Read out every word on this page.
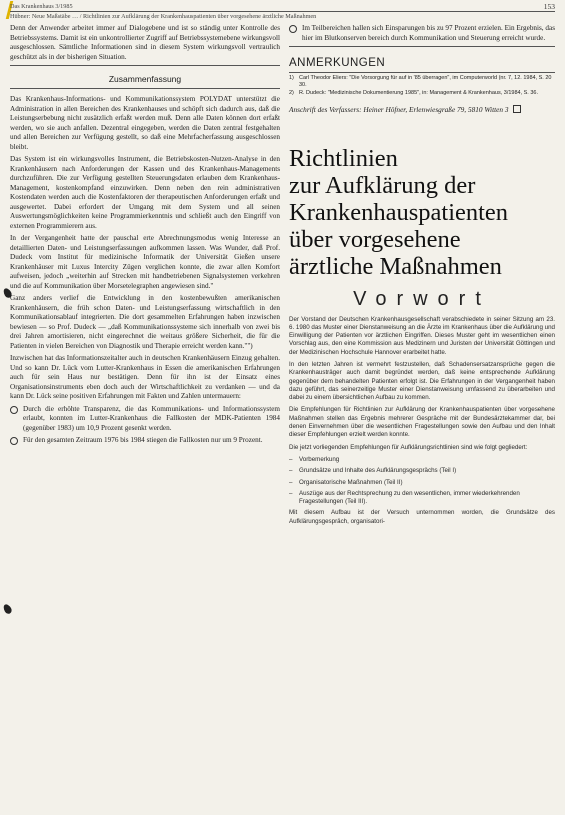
Das Krankenhaus 3/1985	153
Hübner: Neue Maßstäbe … / Richtlinien zur Aufklärung der Krankenhauspatienten über vorgesehene ärztliche Maßnahmen

Denn der Anwender arbeitet immer auf Dialogebene und ist so ständig unter Kontrolle des Betriebssystems. Damit ist ein unkontrollierter Zugriff auf Betriebssystemebene wirkungsvoll ausgeschlossen. Sämtliche Informationen sind in diesem System wirkungsvoll vertraulich geschützt als in der bisherigen Situation.

Zusammenfassung

Das Krankenhaus-Informations- und Kommunikationssystem POLYDAT unterstützt die Administration in allen Bereichen des Krankenhauses und schöpft sich dadurch aus, daß die Leistungserbebung nicht zusätzlich erfaßt werden muß. Denn alle Daten können dort erfaßt werden, wo sie auch anfallen. Dezentral eingegeben, werden die Daten zentral festgehalten und allen Bereichen zur Verfügung gestellt, so daß eine Mehrfacherfassung ausgeschlossen bleibt.

Das System ist ein wirkungsvolles Instrument, die Betriebskosten-Nutzen-Analyse in den Krankenhäusern nach Anforderungen der Kassen und des Krankenhaus-Managements durchzuführen. Die zur Verfügung gestellten Steuerungsdaten erlauben dem Krankenhaus-Management, kostenkompfand einzuwirken. Denn neben den rein administrativen Kostendaten werden auch die Kostenfaktoren der therapeutischen Anforderungen erfaßt und ausgewertet. Dabei erfordert der Umgang mit dem System und all seinen Auswertungsmöglichkeiten keine Programmierkenntnis und schließt auch den Eingriff von externen Programmierern aus.

In der Vergangenheit hatte der pauschal erte Abrechnungsmodus wenig Interesse an detaillierten Daten- und Leistungserfassungen aufkommen lassen. Was Wunder, daß Prof. Dudeck vom Institut für medizinische Informatik der Universität Gießen unsere Krankenhäuser mit Luxus Intercity Zügen verglichen konnte, die zwar allen Komfort aufweisen, jedoch „weiterhin auf Strecken mit handbetriebenen Signalsystemen verkehren und die auf Kommunikation über Morsetelegraphen angewiesen sind."

Ganz anders verlief die Entwicklung in den kostenbewußten amerikanischen Krankenhäusern, die früh schon Daten- und Leistungserfassung wirtschaftlich in den Kommunikationsablauf integrierten. Die dort gesammelten Erfahrungen haben inzwischen bewiesen — so Prof. Dudeck — „daß Kommunikationssysteme sich innerhalb von zwei bis drei Jahren amortisieren, nicht eingerechnet die weitaus größere Sicherheit, die für die Patienten in vielen Bereichen von Diagnostik und Therapie erreicht werden kann."")

Inzwischen hat das Informationszeitalter auch in deutschen Krankenhäusern Einzug gehalten. Und so kann Dr. Lück vom Lutter-Krankenhaus in Essen die amerikanischen Erfahrungen auch für sein Haus nur bestätigen. Denn für ihn ist der Einsatz eines Organisationsinstruments eben doch auch der Wirtschaftlichkeit zu verdanken — und da kann Dr. Lück seine positiven Erfahrungen mit Fakten und Zahlen untermauern:

Durch die erhöhte Transparenz, die das Kommunikations- und Informationssystem erlaubt, konnten im Lutter-Krankenhaus die Fallkosten der MDK-Patienten 1984 (gegenüber 1983) um 10,9 Prozent gesenkt werden.
Für den gesamten Zeitraum 1976 bis 1984 stiegen die Fallkosten nur um 9 Prozent.
Im Teilbereichen hallen sich Einsparungen bis zu 97 Prozent erzielen. Ein Ergebnis, das hier im Blutkonserven bereich durch Kommunikation und Steuerung erreicht wurde.
ANMERKUNGEN
1) Carl Theodor Eliers: "Die Vorsorgung für auf in '85 überragen", im Computerworld (nr. 7, 12. 1984, S. 20 30.
2) R. Dudeck: "Medizinische Dokumentierung 1985", in: Management & Krankenhaus, 3/1984, S. 36.

Anschrift des Verfassers: Heiner Höfner, Erlenwiesgraße 79, 5810 Witten 3

Richtlinien
zur Aufklärung der
Krankenhauspatienten
über vorgesehene
ärztliche Maßnahmen
Vorwort

Der Vorstand der Deutschen Krankenhausgesellschaft verabschiedete in seiner Sitzung am 23. 6. 1980 das Muster einer Dienstanweisung an die Ärzte im Krankenhaus über die Aufklärung und Einwilligung der Patienten vor ärztlichen Eingriffen. Dieses Muster geht im wesentlichen einen Vorschlag aus, den eine Kommission aus Medizinern und Juristen der Universität Göttingen und der Medizinischen Hochschule Hannover erarbeitet hatte.

In den letzten Jahren ist vermehrt festzustellen, daß Schadensersatzansprüche gegen die Krankenhausträger auch damit begründet werden, daß keine entsprechende Aufklärung gegenüber dem behandelten Patienten erfolgt ist. Die Erfahrungen in der Vergangenheit haben dazu geführt, das seinerzeitige Muster einer Dienstanweisung umfassend zu überarbeiten und dabei zu einem übersichtlichen Aufbau zu kommen.

Die Empfehlungen für Richtlinien zur Aufklärung der Krankenhauspatienten über vorgesehene Maßnahmen stellen das Ergebnis mehrerer Gespräche mit der Bundesärztekammer dar, bei denen Einvernehmen über die wesentlichen Fragestellungen sowie den Aufbau und den Inhalt dieser Empfehlungen erzielt werden konnte.

Die jetzt vorliegenden Empfehlungen für Aufklärungsrichtlinien sind wie folgt gegliedert:

– Vorbemerkung
– Grundsätze und Inhalte des Aufklärungsgesprächs (Teil I)
– Organisatorische Maßnahmen (Teil II)
– Auszüge aus der Rechtsprechung zu den wesentlichen, immer wiederkehrenden Fragestellungen (Teil III).

Mit diesem Aufbau ist der Versuch unternommen worden, die Grundsätze des Aufklärungsgespräch, organisatori-
